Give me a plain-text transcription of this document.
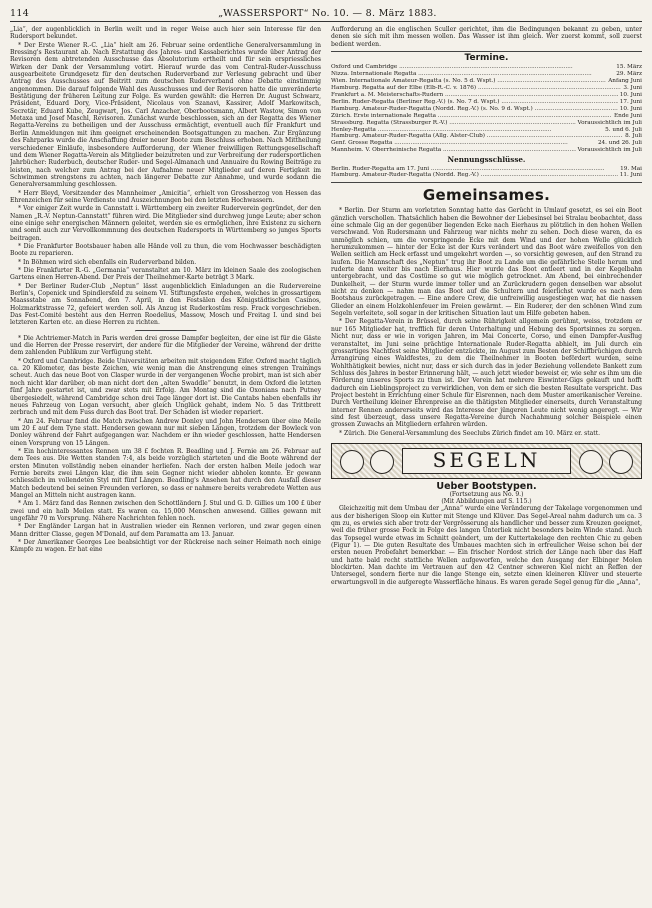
114	„WASSERSPORT“ No. 10. — 8. März 1883.

„Lia“, der augenblicklich in Berlin weilt und in reger Weise auch hier sein Interesse für den Rudersport bekundet.

* Der Erste Wiener R.-C. „Lia“ hielt am 26. Februar seine ordentliche Generalversammlung in Bressing's Restaurant ab. Nach Erstattung des Jahres- und Kassaberichtes wurde über Antrag der Revisoren dem abtretenden Ausschusse das Absolutorium ertheilt und für sein erspriessliches Wirken der Dank der Versammlung votirt. Hierauf wurde das vom Central-Ruder-Ausschuss ausgearbeitete Grundgesetz für den deutschen Ruderverband zur Verlesung gebracht und über Antrag des Ausschusses auf Beitritt zum deutschen Ruderverband ohne Debatte einstimmig angenommen. Die darauf folgende Wahl des Ausschusses und der Revisoren hatte die unveränderte Bestätigung der früheren Leitung zur Folge. Es wurden gewählt: die Herren Dr. August Schwarz, Präsident, Eduard Dory, Vice-Präsident, Nicolaus von Szanavi, Kassirer, Adolf Markowitsch, Secretär, Eduard Kube, Zeugwart, Jos. Carl Anzacher, Oberbootsmann, Albert Wastow, Simon von Metaxa und Josef Maschl, Revisoren. Zunächst wurde beschlossen, sich an der Regatta des Wiener Regatta-Vereins zu betheiligen und der Ausschuss ermächtigt, eventuell auch für Frankfurt und Berlin Anmeldungen mit ihm geeignet erscheinenden Bootsgattungen zu machen. Zur Ergänzung des Fahrparks wurde die Anschaffung dreier neuer Boote zum Beschluss erhoben. Nach Mittheilung verschiedener Einläufe, insbesondere Aufforderung, der Wiener freiwilligen Rettungsgesellschaft und dem Wiener Regatta-Verein als Mitglieder beizutreten und zur Verbreitung der rudersportlichen Jahrbücher: Ruderbuch, deutscher Ruder- und Segel-Almanach und Annuaire du Rowing Beiträge zu leisten, nach welcher zum Antrag bei der Aufnahme neuer Mitglieder auf deren Fertigkeit im Schwimmen strengstens zu achten, nach längerer Debatte zur Annahme, und wurde sodann die Generalversammlung geschlossen.

* Herr Bleyd, Vorsitzender des Mannheimer „Amicitia“, erhielt von Grossherzog von Hessen das Ehrenzeichen für seine Verdienste und Auszeichnungen bei den letzten Hochwassern.

* Vor einiger Zeit wurde in Cannstatt i. Württemberg ein zweiter Ruderverein gegründet, der den Namen „R.-V. Neptun-Cannstatt“ führen wird. Die Mitglieder sind durchweg junge Leute; aber schon eine einige sehr energischen Männern geleitet, werden sie es ermöglichen, ihre Existenz zu sichern und somit auch zur Vervollkommnung des deutschen Rudersports in Württemberg so junges Sports beitragen.

* Die Frankfurter Bootsbauer haben alle Hände voll zu thun, die vom Hochwasser beschädigten Boote zu reparieren.

* In Böhmen wird sich ebenfalls ein Ruderverband bilden.

* Die Frankfurter R.-G. „Germania“ veranstaltet am 10. März im kleinen Saale des zoologischen Gartens einen Herren-Abend. Der Preis der Theilnehmer-Karte beträgt 3 Mark.

* Der Berliner Ruder-Club „Neptun“ lässt augenblicklich Einladungen an die Rudervereine Berlin's, Copenick und Spindlersfeld zu seinem VI. Stiftungsfeste ergehen, welches in grossartigem Maassstabe am Sonnabend, den 7. April, in den Festsälen des Königstädtischen Casinos, Holzmarktstrasse 72, gefeiert werden soll. Als Anzug ist Ruderkostüm resp. Frack vorgeschrieben. Das Fest-Comité besteht aus den Herren Roedelius, Massow, Mosch und Freitag I. und sind bei letzteren Karten etc. an diese Herren zu richten.

* Die Achtriemer-Match in Paris werden drei grosse Dampfer begleiten, der eine ist für die Gäste und die Herren der Presse reservirt, der andere für die Mitglieder der Vereine, während der dritte dem zahlenden Publikum zur Verfügung steht.

* Oxford und Cambridge. Beide Universitäten arbeiten mit steigendem Eifer. Oxford macht täglich ca. 20 Kilometer, das beste Zeichen, wie wenig man die Anstrengung eines strengen Trainings scheut. Auch das neue Boot von Clasper wurde in der vergangenen Woche probirt, man ist sich aber noch nicht klar darüber, ob man nicht dort den „alten Swaddle“ benutzt, in dem Oxford die letzten fünf Jahre gestartet ist, und zwar stets mit Erfolg. Am Montag sind die Oxonians nach Putney übergesiedelt, während Cambridge schon drei Tage länger dort ist. Die Cantabs haben ebenfalls ihr neues Fahrzeug von Logan versucht, aber gleich Unglück gehabt, indem No. 5 das Trittbrett zerbrach und mit dem Fuss durch das Boot trat. Der Schaden ist wieder repariert.

* Am 24. Februar fand die Match zwischen Andrew Donley und John Hendersen über eine Meile um 20 £ auf dem Tyne statt. Hendersen gewann nur mit sieben Längen, trotzdem der Bowleck von Donley während der Fahrt aufgegangen war. Nachdem er ihn wieder geschlossen, hatte Hendersen einen Vorsprung von 15 Längen.

* Ein hochinteressantes Rennen um 38 £ fochten R. Beadling und J. Fernie am 26. Februar auf dem Tees aus. Die Wetten standen 7:4, als beide vorzüglich starteten und die Boote während der ersten Minuten vollständig neben einander herliefen. Nach der ersten halben Meile jedoch war Fernie bereits zwei Längen klar, die ihm sein Gegner nicht wieder abholen konnte. Er gewann schliesslich im vollendeten Styl mit fünf Längen. Beadling's Ansehen hat durch den Ausfall dieser Match bedeutend bei seinen Freunden verloren, so dass er nahmere bereits verabredete Wetten aus Mangel an Mitteln nicht austragen kann.

* Am 1. März fand das Rennen zwischen den Schottländern J. Stul und G. D. Gillies um 100 £ über zwei und ein halb Meilen statt. Es waren ca. 15,000 Menschen anwesend. Gillies gewann mit ungefähr 70 m Vorsprung. Nähere Nachrichten fehlen noch.

* Der Engländer Largan hat in Australien wieder ein Rennen verloren, und zwar gegen einen Mann dritter Classe, gegen M'Donald, auf dem Paramatta am 13. Januar.

* Der Amerikaner Georges Lee beabsichtigt vor der Rückreise nach seiner Heimath noch einige Kämpfe zu wagen. Er hat eine

Aufforderung an die englischen Sculler gerichtet, ihm die Bedingungen bekannt zu geben, unter denen sie sich mit ihm messen wollen. Das Wasser ist ihm gleich. Wer zuerst kommt, soll zuerst bedient werden.

Termine.
Oxford und Cambridge .....	15. März
Nizza. Internationale Regatta .....	29. März
Wien. Internationale Amateur-Regatta (s. No. 5 d. Wspt.) .....	Anfang Juni
Hamburg. Regatta auf der Elbe (Elb-R.-C. v. 1876) .....	3. Juni
Frankfurt a. M. Meisterschafts-Rudern .....	10. Juni
Berlin. Ruder-Regatta (Berliner Reg.-V.) (s. No. 7 d. Wspt.) .....	17. Juni
Hamburg. Amateur-Ruder-Regatta (Nordd. Reg.-V.) (s. No. 9 d. Wspt.) .....	10. Juni
Zürich. Erste internationale Regatta .....	Ende Juni
Strassburg. Regatta (Strassburger R.-V.) .....	Voraussichtlich im Juli
Henley-Regatta .....	5. und 6. Juli
Hamburg. Amateur-Ruder-Regatta (Allg. Alster-Club) .....	8. Juli
Genf. Grosse Regatta .....	24. und 26. Juli
Mannheim. V. Oberrheinische Regatta .....	Voraussichtlich im Juli
Nennungsschlüsse.
Berlin. Ruder-Regatta am 17. Juni .....	19. Mai
Hamburg. Amateur-Ruder-Regatta (Nordd. Reg.-V.) .....	11. Juni
Gemeinsames.

* Berlin. Der Sturm am vorletzten Sonntag hatte das Gerücht in Umlauf gesetzt, es sei ein Boot gänzlich verschollen. Thatsächlich haben die Bewohner der Liebesinsel bei Stralau beobachtet, dass eine schmale Gig an der gegenüber liegenden Ecke nach Eierhaus zu plötzlich in den hohen Wellen verschwand. Von Rudersmann und Fahrzeug war nichts mehr zu sehen. Doch diese waren, da es unmöglich schien, um die vorspringende Ecke mit dem Wind und der hohen Welle glücklich herumzukommen — hinter der Ecke ist der Kurs verändert und das Boot wäre zweifellos von den Wellen seitlich am Heck erfasst und umgekehrt worden —, so vorsichtig gewesen, auf den Strand zu laufen. Die Mannschaft des „Neptun“ trug ihr Boot zu Lande um die gefährliche Stelle herum und ruderte dann weiter bis nach Eierhaus. Hier wurde das Boot entleert und in der Kegelbahn untergebracht, und das Costüme so gut wie möglich getrocknet. Am Abend, bei einbrechender Dunkelheit, — der Sturm wurde immer toller und an Zurückrudern gegen denselben war absolut nicht zu denken — nahm man das Boot auf die Schultern und feierlichst wurde es nach dem Bootshaus zurückgetragen. — Eine andere Crew, die unfreiwillig ausgestiegen war, hat die nassen Glieder an einem Holzkohlenfeuer im Freien gewärmt. — Ein Ruderer, der den schönen Wind zum Segeln verleitete, soll sogar in der kritischen Situation laut um Hilfe gebeten haben.

* Der Regatta-Verein in Brüssel, durch seine Rührigkeit allgemein gerühmt, weiss, trotzdem er nur 165 Mitglieder hat, trefflich für deren Unterhaltung und Hebung des Sportsinnes zu sorgen. Nicht nur, dass er wie in vorigen Jahren, im Mai Concerte, Corso, und einen Dampfer-Ausflug veranstaltet, im Juni seine prächtige Internationale Ruder-Regatta abhielt, im Juli durch ein grossartiges Nachtfest seine Mitglieder entzückte, im August zum Besten der Schiffbrüchigen durch Arrangirung eines Waldfestes, zu dem die Theilnehmer in Booten befördert wurden, seine Wohlthätigkeit bewies, nicht nur, dass er sich durch das in jeder Beziehung vollendete Bankett zum Schluss des Jahres in bester Erinnerung hält, — auch jetzt wieder beweist er, wie sehr es ihm um die Förderung unseres Sports zu thun ist. Der Verein hat mehrere Eiswinter-Gigs gekauft und hofft dadurch ein Lieblingsproject zu verwirklichen, von dem er sich die besten Resultate verspricht. Das Project besteht in Errichtung einer Schule für Eisrennen, nach dem Muster amerikanischer Vereine. Durch Vertheilung kleiner Ehrenpreise an die thätigsten Mitglieder einerseits, durch Veranstaltung interner Rennen andererseits wird das Interesse der jüngeren Leute nicht wenig angeregt. — Wir sind fest überzeugt, dass unsere Regatta-Vereine durch Nachahmung solcher Beispiele einen grossen Zuwachs an Mitgliedern erfahren würden.

* Zürich. Die General-Versammlung des Seeclubs Zürich findet am 10. März er. statt.

SEGELN
Ueber Bootstypen.
(Fortsetzung aus No. 9.)
(Mit Abbildungen auf S. 115.)

Gleichzeitig mit dem Umbau der „Anna“ wurde eine Veränderung der Takelage vorgenommen und aus der bisherigen Sloop ein Kutter mit Stenge und Klüver. Das Segel-Areal nahm dadurch um ca. 3 qm zu, es erwies sich aber trotz der Vergrösserung als handlicher und besser zum Kreuzen geeignet, weil die früher grosse Fock in Folge des langen Unterliek nicht besonders beim Winde stand. Auch das Topsegel wurde etwas im Schnitt geändert, um der Kuttertakelage den rechten Chic zu geben (Figur 1). — Die guten Resultate des Umbaues machten sich in erfreulicher Weise schon bei der ersten neuen Probefahrt bemerkbar. — Ein frischer Nordost strich der Länge nach über das Haff und hatte bald recht stattliche Wellen aufgeworfen, welche den Ausgang der Elbinger Molen blockirten. Man dachte im Vertrauen auf den 42 Centner schweren Kiel nicht an Reffen der Untersegel, sondern fierte nur die lange Stenge ein, setzte einen kleineren Klüver und steuerte erwartungsvoll in die aufgeregte Wasserfläche hinaus. Es waren gerade Segel genug für die „Anna“,
